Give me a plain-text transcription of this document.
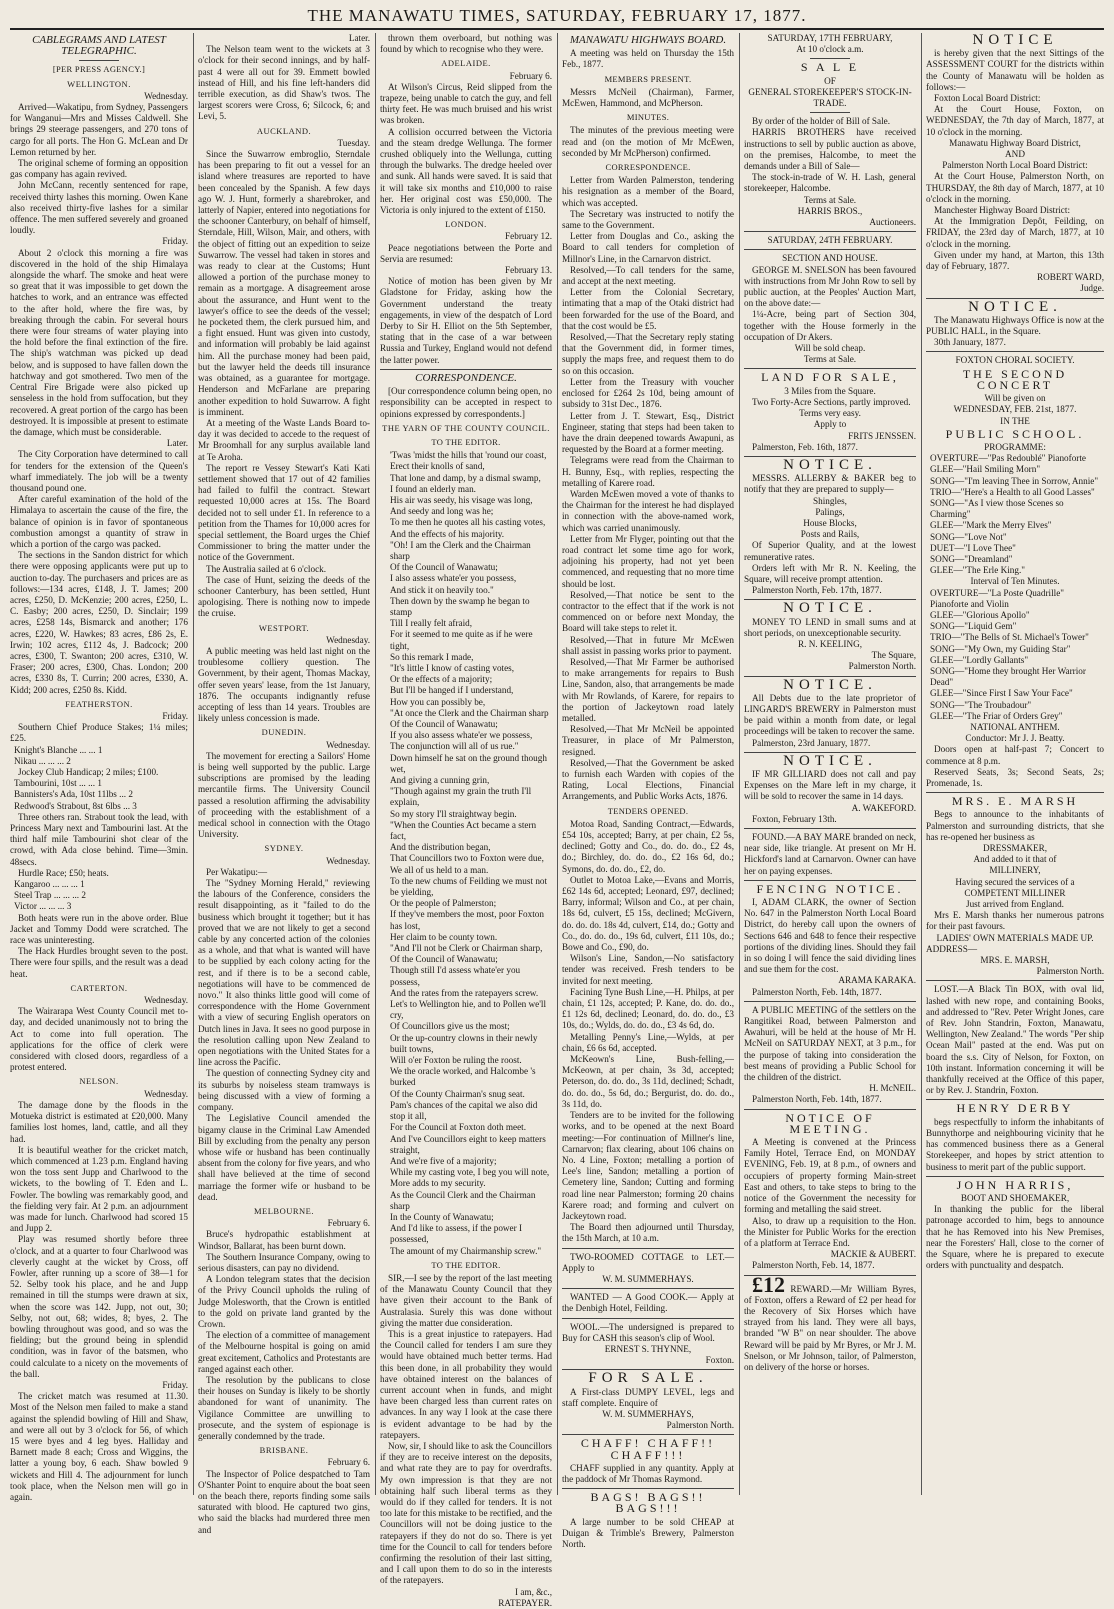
THE MANAWATU TIMES, SATURDAY, FEBRUARY 17, 1877.
CABLEGRAMS AND LATEST TELEGRAPHIC.
[PER PRESS AGENCY.]
WELLINGTON.
Wednesday.

Arrived—Wakatipu, from Sydney, Passengers for Wanganui—Mrs and Misses Caldwell. She brings 29 steerage passengers, and 270 tons of cargo for all ports. The Hon G. McLean and Dr Lemon returned by her.

The original scheme of forming an opposition gas company has again revived.

John McCann, recently sentenced for rape, received thirty lashes this morning. Owen Kane also received thirty-five lashes for a similar offence. The men suffered severely and groaned loudly.

Friday.

About 2 o'clock this morning a fire was discovered in the hold of the ship Himalaya alongside the wharf. The smoke and heat were so great that it was impossible to get down the hatches to work, and an entrance was effected to the after hold, where the fire was, by breaking through the cabin. For several hours there were four streams of water playing into the hold before the final extinction of the fire. The ship's watchman was picked up dead below, and is supposed to have fallen down the hatchway and got smothered. Two men of the Central Fire Brigade were also picked up senseless in the hold from suffocation, but they recovered. A great portion of the cargo has been destroyed. It is impossible at present to estimate the damage, which must be considerable.

Later.

The City Corporation have determined to call for tenders for the extension of the Queen's wharf immediately. The job will be a twenty thousand pound one.

After careful examination of the hold of the Himalaya to ascertain the cause of the fire, the balance of opinion is in favor of spontaneous combustion amongst a quantity of straw in which a portion of the cargo was packed.

The sections in the Sandon district for which there were opposing applicants were put up to auction to-day. The purchasers and prices are as follows:—134 acres, £148, J. T. James; 200 acres, £250, D. McKenzie; 200 acres, £250, L. C. Easby; 200 acres, £250, D. Sinclair; 199 acres, £258 14s, Bismarck and another; 176 acres, £220, W. Hawkes; 83 acres, £86 2s, E. Irwin; 102 acres, £112 4s, J. Badcock; 200 acres, £300, T. Swanton; 200 acres, £310, W. Fraser; 200 acres, £300, Chas. London; 200 acres, £330 8s, T. Currin; 200 acres, £330, A. Kidd; 200 acres, £250 8s. Kidd.

FEATHERSTON.
Friday.

Southern Chief Produce Stakes; 1¼ miles; £25.

Knight's Blanche ... ... 1
Nikau ... ... ... 2

Jockey Club Handicap; 2 miles; £100.

Tambourini, 10st ... ... 1
Bannisters's Ada, 10st 11lbs ... 2
Redwood's Strabout, 8st 6lbs ... 3

Three others ran. Strabout took the lead, with Princess Mary next and Tambourini last. At the third half mile Tambourini shot clear of the crowd, with Ada close behind. Time—3min. 48secs.

Hurdle Race; £50; heats.

Kangaroo ... ... ... 1
Steel Trap ... ... ... 2
Victor ... ... ... 3

Both heats were run in the above order. Blue Jacket and Tommy Dodd were scratched. The race was uninteresting.

The Hack Hurdles brought seven to the post. There were four spills, and the result was a dead heat.

CARTERTON.
Wednesday.

The Wairarapa West County Council met to-day, and decided unanimously not to bring the Act to come into full operation. The applications for the office of clerk were considered with closed doors, regardless of a protest entered.

NELSON.
Wednesday.

The damage done by the floods in the Motueka district is estimated at £20,000. Many families lost homes, land, cattle, and all they had.

It is beautiful weather for the cricket match, which commenced at 1.23 p.m. England having won the toss sent Jupp and Charlwood to the wickets, to the bowling of T. Eden and L. Fowler. The bowling was remarkably good, and the fielding very fair. At 2 p.m. an adjournment was made for lunch. Charlwood had scored 15 and Jupp 2.

Play was resumed shortly before three o'clock, and at a quarter to four Charlwood was cleverly caught at the wicket by Cross, off Fowler, after running up a score of 38—1 for 52. Selby took his place, and he and Jupp remained in till the stumps were drawn at six, when the score was 142. Jupp, not out, 30; Selby, not out, 68; wides, 8; byes, 2. The bowling throughout was good, and so was the fielding; but the ground being in splendid condition, was in favor of the batsmen, who could calculate to a nicety on the movements of the ball.

Friday.

The cricket match was resumed at 11.30. Most of the Nelson men failed to make a stand against the splendid bowling of Hill and Shaw, and were all out by 3 o'clock for 56, of which 15 were byes and 4 leg byes. Halliday and Barnett made 8 each; Cross and Wiggins, the latter a young boy, 6 each. Shaw bowled 9 wickets and Hill 4. The adjournment for lunch took place, when the Nelson men will go in again.

Later.

The Nelson team went to the wickets at 3 o'clock for their second innings, and by half-past 4 were all out for 39. Emmett bowled instead of Hill, and his fine left-handers did terrible execution, as did Shaw's twos. The largest scorers were Cross, 6; Silcock, 6; and Levi, 5.

AUCKLAND.
Tuesday.

Since the Suwarrow embroglio, Sterndale has been preparing to fit out a vessel for an island where treasures are reported to have been concealed by the Spanish. A few days ago W. J. Hunt, formerly a sharebroker, and latterly of Napier, entered into negotiations for the schooner Canterbury, on behalf of himself, Sterndale, Hill, Wilson, Mair, and others, with the object of fitting out an expedition to seize Suwarrow. The vessel had taken in stores and was ready to clear at the Customs; Hunt allowed a portion of the purchase money to remain as a mortgage. A disagreement arose about the assurance, and Hunt went to the lawyer's office to see the deeds of the vessel; he pocketed them, the clerk pursued him, and a fight ensued. Hunt was given into custody, and information will probably be laid against him. All the purchase money had been paid, but the lawyer held the deeds till insurance was obtained, as a guarantee for mortgage. Henderson and McFarlane are preparing another expedition to hold Suwarrow. A fight is imminent.

At a meeting of the Waste Lands Board to-day it was decided to accede to the request of Mr Broomhall for any surplus available land at Te Aroha.

The report re Vessey Stewart's Kati Kati settlement showed that 17 out of 42 families had failed to fulfil the contract. Stewart requested 10,000 acres at 15s. The Board decided not to sell under £1. In reference to a petition from the Thames for 10,000 acres for special settlement, the Board urges the Chief Commissioner to bring the matter under the notice of the Government.

The Australia sailed at 6 o'clock.

The case of Hunt, seizing the deeds of the schooner Canterbury, has been settled, Hunt apologising. There is nothing now to impede the cruise.

WESTPORT.
Wednesday.

A public meeting was held last night on the troublesome colliery question. The Government, by their agent, Thomas Mackay, offer seven years' lease, from the 1st January, 1876. The occupants indignantly refuse accepting of less than 14 years. Troubles are likely unless concession is made.

DUNEDIN.
Wednesday.

The movement for erecting a Sailors' Home is being well supported by the public. Large subscriptions are promised by the leading mercantile firms. The University Council passed a resolution affirming the advisability of proceeding with the establishment of a medical school in connection with the Otago University.

SYDNEY.
Wednesday.

Per Wakatipu:—

The "Sydney Morning Herald," reviewing the labours of the Conference, considers the result disappointing, as it "failed to do the business which brought it together; but it has proved that we are not likely to get a second cable by any concerted action of the colonies as a whole, and that what is wanted will have to be supplied by each colony acting for the rest, and if there is to be a second cable, negotiations will have to be commenced de novo." It also thinks little good will come of correspondence with the Home Government with a view of securing English operators on Dutch lines in Java. It sees no good purpose in the resolution calling upon New Zealand to open negotiations with the United States for a line across the Pacific.

The question of connecting Sydney city and its suburbs by noiseless steam tramways is being discussed with a view of forming a company.

The Legislative Council amended the bigamy clause in the Criminal Law Amended Bill by excluding from the penalty any person whose wife or husband has been continually absent from the colony for five years, and who shall have believed at the time of second marriage the former wife or husband to be dead.

MELBOURNE.
February 6.

Bruce's hydropathic establishment at Windsor, Ballarat, has been burnt down.

The Southern Insurance Company, owing to serious disasters, can pay no dividend.

A London telegram states that the decision of the Privy Council upholds the ruling of Judge Molesworth, that the Crown is entitled to the gold on private land granted by the Crown.

The election of a committee of management of the Melbourne hospital is going on amid great excitement, Catholics and Protestants are ranged against each other.

The resolution by the publicans to close their houses on Sunday is likely to be shortly abandoned for want of unanimity. The Vigilance Committee are unwilling to prosecute, and the system of espionage is generally condemned by the trade.

BRISBANE.
February 6.

The Inspector of Police despatched to Tam O'Shanter Point to enquire about the boat seen on the beach there, reports finding some sails saturated with blood. He captured two gins, who said the blacks had murdered three men and

thrown them overboard, but nothing was found by which to recognise who they were.

ADELAIDE.
February 6.

At Wilson's Circus, Reid slipped from the trapeze, being unable to catch the guy, and fell thirty feet. He was much bruised and his wrist was broken.

A collision occurred between the Victoria and the steam dredge Wellunga. The former crushed obliquely into the Wellunga, cutting through the bulwarks. The dredge heeled over and sunk. All hands were saved. It is said that it will take six months and £10,000 to raise her. Her original cost was £50,000. The Victoria is only injured to the extent of £150.

LONDON.
February 12.

Peace negotiations between the Porte and Servia are resumed:

February 13.

Notice of motion has been given by Mr Gladstone for Friday, asking how the Government understand the treaty engagements, in view of the despatch of Lord Derby to Sir H. Elliot on the 5th September, stating that in the case of a war between Russia and Turkey, England would not defend the latter power.

CORRESPONDENCE.

[Our correspondence column being open, no responsibility can be accepted in respect to opinions expressed by correspondents.]

THE YARN OF THE COUNTY COUNCIL.
TO THE EDITOR.
'Twas 'midst the hills that 'round our coast,
Erect their knolls of sand,
That lone and damp, by a dismal swamp,
I found an elderly man.
His air was seedy, his visage was long,
And seedy and long was he;
To me then he quotes all his casting votes,
And the effects of his majority.
"Oh! I am the Clerk and the Chairman sharp
Of the Council of Wanawatu;
I also assess whate'er you possess,
And stick it on heavily too."
Then down by the swamp he began to stamp
Till I really felt afraid,
For it seemed to me quite as if he were tight,
So this remark I made,
"It's little I know of casting votes,
Or the effects of a majority;
But I'll be hanged if I understand,
How you can possibly be,
"At once the Clerk and the Chairman sharp
Of the Council of Wanawatu;
If you also assess whate'er we possess,
The conjunction will all of us rue."
Down himself he sat on the ground though wet,
And giving a cunning grin,
"Though against my grain the truth I'll explain,
So my story I'll straightway begin.
"When the Counties Act became a stern fact,
And the distribution began,
That Councillors two to Foxton were due,
We all of us held to a man.
To the new chums of Feilding we must not be yielding,
Or the people of Palmerston;
If they've members the most, poor Foxton has lost,
Her claim to be county town.
"And I'll not be Clerk or Chairman sharp,
Of the Council of Wanawatu;
Though still I'd assess whate'er you possess,
And the rates from the ratepayers screw.
Let's to Wellington hie, and to Pollen we'll cry,
Of Councillors give us the most;
Or the up-country clowns in their newly built towns,
Will o'er Foxton be ruling the roost.
We the oracle worked, and Halcombe 's burked
Of the County Chairman's snug seat.
Pam's chances of the capital we also did stop it all,
For the Council at Foxton doth meet.
And I've Councillors eight to keep matters straight,
And we're five of a majority;
While my casting vote, I beg you will note,
More adds to my security.
As the Council Clerk and the Chairman sharp
In the County of Wanawatu;
And I'd like to assess, if the power I possessed,
The amount of my Chairmanship screw."
TO THE EDITOR.

SIR,—I see by the report of the last meeting of the Manawatu County Council that they have given their account to the Bank of Australasia. Surely this was done without giving the matter due consideration.

This is a great injustice to ratepayers. Had the Council called for tenders I am sure they would have obtained much better terms. Had this been done, in all probability they would have obtained interest on the balances of current account when in funds, and might have been charged less than current rates on advances. In any way I look at the case there is evident advantage to be had by the ratepayers.

Now, sir, I should like to ask the Councillors if they are to receive interest on the deposits, and what rate they are to pay for overdrafts. My own impression is that they are not obtaining half such liberal terms as they would do if they called for tenders. It is not too late for this mistake to be rectified, and the Councillors will not be doing justice to the ratepayers if they do not do so. There is yet time for the Council to call for tenders before confirming the resolution of their last sitting, and I call upon them to do so in the interests of the ratepayers.

I am, &c.,
RATEPAYER.
MANAWATU HIGHWAYS BOARD.

A meeting was held on Thursday the 15th Feb., 1877.

MEMBERS PRESENT.

Messrs McNeil (Chairman), Farmer, McEwen, Hammond, and McPherson.

MINUTES.

The minutes of the previous meeting were read and (on the motion of Mr McEwen, seconded by Mr McPherson) confirmed.

CORRESPONDENCE.

Letter from Warden Palmerston, tendering his resignation as a member of the Board, which was accepted.

The Secretary was instructed to notify the same to the Government.

Letter from Douglas and Co., asking the Board to call tenders for completion of Millnor's Line, in the Carnarvon district.

Resolved,—To call tenders for the same, and accept at the next meeting.

Letter from the Colonial Secretary, intimating that a map of the Otaki district had been forwarded for the use of the Board, and that the cost would be £5.

Resolved,—That the Secretary reply stating that the Government did, in former times, supply the maps free, and request them to do so on this occasion.

Letter from the Treasury with voucher enclosed for £264 2s 10d, being amount of subsidy to 31st Dec., 1876.

Letter from J. T. Stewart, Esq., District Engineer, stating that steps had been taken to have the drain deepened towards Awapuni, as requested by the Board at a former meeting.

Telegrams were read from the Chairman to H. Bunny, Esq., with replies, respecting the metalling of Karere road.

Warden McEwen moved a vote of thanks to the Chairman for the interest he had displayed in connection with the above-named work, which was carried unanimously.

Letter from Mr Flyger, pointing out that the road contract let some time ago for work, adjoining his property, had not yet been commenced, and requesting that no more time should be lost.

Resolved,—That notice be sent to the contractor to the effect that if the work is not commenced on or before next Monday, the Board will take steps to relet it.

Resolved,—That in future Mr McEwen shall assist in passing works prior to payment.

Resolved,—That Mr Farmer be authorised to make arrangements for repairs to Bush Line, Sandon, also, that arrangements be made with Mr Rowlands, of Karere, for repairs to the portion of Jackeytown road lately metalled.

Resolved,—That Mr McNeil be appointed Treasurer, in place of Mr Palmerston, resigned.

Resolved,—That the Government be asked to furnish each Warden with copies of the Rating, Local Elections, Financial Arrangements, and Public Works Acts, 1876.

TENDERS OPENED.

Motoa Road, Sanding Contract,—Edwards, £54 10s, accepted; Barry, at per chain, £2 5s, declined; Gotty and Co., do. do. do., £2 4s, do.; Birchley, do. do. do., £2 16s 6d, do.; Symons, do. do. do., £2, do.

Outlet to Motoa Lake,—Evans and Morris, £62 14s 6d, accepted; Leonard, £97, declined; Barry, informal; Wilson and Co., at per chain, 18s 6d, culvert, £5 15s, declined; McGivern, do. do. do. 18s 4d, culvert, £14, do.; Gotty and Co., do. do. do., 19s 6d, culvert, £11 10s, do.; Bowe and Co., £90, do.

Wilson's Line, Sandon,—No satisfactory tender was received. Fresh tenders to be invited for next meeting.

Facining Tyne Bush Line,—H. Philps, at per chain, £1 12s, accepted; P. Kane, do. do. do., £1 12s 6d, declined; Leonard, do. do. do., £3 10s, do.; Wylds, do. do. do., £3 4s 6d, do.

Metalling Penny's Line,—Wylds, at per chain, £6 6s 6d, accepted.

McKeown's Line, Bush-felling,—McKeown, at per chain, 3s 3d, accepted; Peterson, do. do. do., 3s 11d, declined; Schadt, do. do. do., 5s 6d, do.; Bergurist, do. do. do., 3s 11d, do.

Tenders are to be invited for the following works, and to be opened at the next Board meeting:—For continuation of Millner's line, Carnarvon; flax clearing, about 106 chains on No. 4 Line, Foxton; metalling a portion of Lee's line, Sandon; metalling a portion of Cemetery line, Sandon; Cutting and forming road line near Palmerston; forming 20 chains Karere road; and forming and culvert on Jackeytown road.

The Board then adjourned until Thursday, the 15th March, at 10 a.m.

TWO-ROOMED COTTAGE to LET.—Apply to

W. M. SUMMERHAYS.

WANTED — A Good COOK.— Apply at the Denbigh Hotel, Feilding.

WOOL.—The undersigned is prepared to Buy for CASH this season's clip of Wool.

ERNEST S. THYNNE,
Foxton.
FOR SALE.

A First-class DUMPY LEVEL, legs and staff complete. Enquire of

W. M. SUMMERHAYS,
Palmerston North.
CHAFF! CHAFF!! CHAFF!!!

CHAFF supplied in any quantity. Apply at the paddock of Mr Thomas Raymond.

BAGS! BAGS!! BAGS!!!

A large number to be sold CHEAP at Duigan & Trimble's Brewery, Palmerston North.

SATURDAY, 17TH FEBRUARY,
At 10 o'clock a.m.
S A L E
OF
GENERAL STOREKEEPER'S STOCK-IN-TRADE.

By order of the holder of Bill of Sale.

HARRIS BROTHERS have received instructions to sell by public auction as above, on the premises, Halcombe, to meet the demands under a Bill of Sale—

The stock-in-trade of W. H. Lash, general storekeeper, Halcombe.

Terms at Sale.
HARRIS BROS.,
Auctioneers.
SATURDAY, 24TH FEBRUARY.
SECTION AND HOUSE.

GEORGE M. SNELSON has been favoured with instructions from Mr John Row to sell by public auction, at the Peoples' Auction Mart, on the above date:—

1¼-Acre, being part of Section 304, together with the House formerly in the occupation of Dr Akers.

Will be sold cheap.
Terms at Sale.
LAND FOR SALE,
3 Miles from the Square.

Two Forty-Acre Sections, partly improved.

Terms very easy.
Apply to
FRITS JENSSEN.

Palmerston, Feb. 16th, 1877.

NOTICE.

MESSRS. ALLERBY & BAKER beg to notify that they are prepared to supply—

Shingles,
Palings,
House Blocks,
Posts and Rails,

Of Superior Quality, and at the lowest remunerative rates.

Orders left with Mr R. N. Keeling, the Square, will receive prompt attention.

Palmerston North, Feb. 17th, 1877.

NOTICE.

MONEY TO LEND in small sums and at short periods, on unexceptionable security.

R. N. KEELING,
The Square,
Palmerston North.
NOTICE.

All Debts due to the late proprietor of LINGARD'S BREWERY in Palmerston must be paid within a month from date, or legal proceedings will be taken to recover the same.

Palmerston, 23rd January, 1877.

NOTICE.

IF MR GILLIARD does not call and pay Expenses on the Mare left in my charge, it will be sold to recover the same in 14 days.

A. WAKEFORD.

Foxton, February 13th.

FOUND.—A BAY MARE branded on neck, near side, like triangle. At present on Mr H. Hickford's land at Carnarvon. Owner can have her on paying expenses.

FENCING NOTICE.

I, ADAM CLARK, the owner of Section No. 647 in the Palmerston North Local Board District, do hereby call upon the owners of Sections 646 and 648 to fence their respective portions of the dividing lines. Should they fail in so doing I will fence the said dividing lines and sue them for the cost.

ARAMA KARAKA.

Palmerston North, Feb. 14th, 1877.

A PUBLIC MEETING of the settlers on the Rangitikei Road, between Palmerston and Awahuri, will be held at the house of Mr H. McNeil on SATURDAY NEXT, at 3 p.m., for the purpose of taking into consideration the best means of providing a Public School for the children of the district.

H. McNEIL.

Palmerston North, Feb. 14th, 1877.

NOTICE OF MEETING.

A Meeting is convened at the Princess Family Hotel, Terrace End, on MONDAY EVENING, Feb. 19, at 8 p.m., of owners and occupiers of property forming Main-street East and others, to take steps to bring to the notice of the Government the necessity for forming and metalling the said street.

Also, to draw up a requisition to the Hon. the Minister for Public Works for the erection of a platform at Terrace End.

MACKIE & AUBERT.

Palmerston North, Feb. 14, 1877.

£12 REWARD.—Mr William Byres, of Foxton, offers a Reward of £2 per head for the Recovery of Six Horses which have strayed from his land. They were all bays, branded "W B" on near shoulder. The above Reward will be paid by Mr Byres, or Mr J. M. Snelson, or Mr Johnson, tailor, of Palmerston, on delivery of the horse or horses.

NOTICE

is hereby given that the next Sittings of the ASSESSMENT COURT for the districts within the County of Manawatu will be holden as follows:—

Foxton Local Board District:

At the Court House, Foxton, on WEDNESDAY, the 7th day of March, 1877, at 10 o'clock in the morning.

Manawatu Highway Board District,
AND
Palmerston North Local Board District:

At the Court House, Palmerston North, on THURSDAY, the 8th day of March, 1877, at 10 o'clock in the morning.

Manchester Highway Board District:

At the Immigration Depôt, Feilding, on FRIDAY, the 23rd day of March, 1877, at 10 o'clock in the morning.

Given under my hand, at Marton, this 13th day of February, 1877.

ROBERT WARD,
Judge.
NOTICE.

The Manawatu Highways Office is now at the PUBLIC HALL, in the Square.

30th January, 1877.

FOXTON CHORAL SOCIETY.
THE SECOND CONCERT
Will be given on
WEDNESDAY, FEB. 21st, 1877.
IN THE
PUBLIC SCHOOL.
PROGRAMME:
OVERTURE—"Pas Redoublé" Pianoforte
GLEE—"Hail Smiling Morn"
SONG—"I'm leaving Thee in Sorrow, Annie"
TRIO—"Here's a Health to all Good Lasses"
SONG—"As I view those Scenes so Charming"
GLEE—"Mark the Merry Elves"
SONG—"Love Not"
DUET—"I Love Thee"
SONG—"Dreamland"
GLEE—"The Erle King."
Interval of Ten Minutes.
OVERTURE—"La Poste Quadrille" Pianoforte and Violin
GLEE—"Glorious Apollo"
SONG—"Liquid Gem"
TRIO—"The Bells of St. Michael's Tower"
SONG—"My Own, my Guiding Star"
GLEE—"Lordly Gallants"
SONG—"Home they brought Her Warrior Dead"
GLEE—"Since First I Saw Your Face"
SONG—"The Troubadour"
GLEE—"The Friar of Orders Grey"
NATIONAL ANTHEM.
Conductor: Mr J. J. Beatty.

Doors open at half-past 7; Concert to commence at 8 p.m.

Reserved Seats, 3s; Second Seats, 2s; Promenade, 1s.

MRS. E. MARSH

Begs to announce to the inhabitants of Palmerston and surrounding districts, that she has re-opened her business as

DRESSMAKER,
And added to it that of
MILLINERY,
Having secured the services of a
COMPETENT MILLINER
Just arrived from England.

Mrs E. Marsh thanks her numerous patrons for their past favours.

LADIES' OWN MATERIALS MADE UP.
ADDRESS—
MRS. E. MARSH,
Palmerston North.

LOST.—A Black Tin BOX, with oval lid, lashed with new rope, and containing Books, and addressed to "Rev. Peter Wright Jones, care of Rev. John Standrin, Foxton, Manawatu, Wellington, New Zealand." The words "Per ship Ocean Mail" pasted at the end. Was put on board the s.s. City of Nelson, for Foxton, on 10th instant. Information concerning it will be thankfully received at the Office of this paper, or by Rev. J. Standrin, Foxton.

HENRY DERBY

begs respectfully to inform the inhabitants of Bunnythorpe and neighbouring vicinity that he has commenced business there as a General Storekeeper, and hopes by strict attention to business to merit part of the public support.

JOHN HARRIS,
BOOT AND SHOEMAKER,

In thanking the public for the liberal patronage accorded to him, begs to announce that he has Removed into his New Premises, near the Foresters' Hall, close to the corner of the Square, where he is prepared to execute orders with punctuality and despatch.
